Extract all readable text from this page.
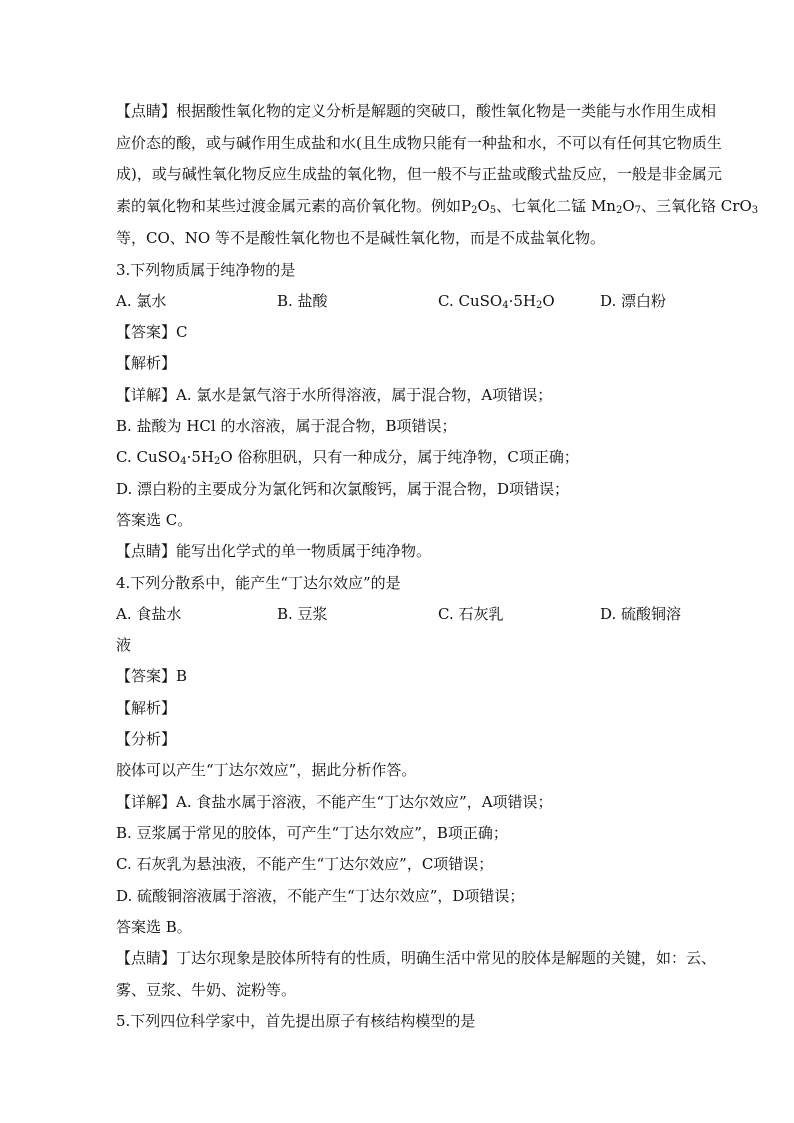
【点睛】根据酸性氧化物的定义分析是解题的突破口，酸性氧化物是一类能与水作用生成相
应价态的酸，或与碱作用生成盐和水(且生成物只能有一种盐和水，不可以有任何其它物质生
成)，或与碱性氧化物反应生成盐的氧化物，但一般不与正盐或酸式盐反应，一般是非金属元
素的氧化物和某些过渡金属元素的高价氧化物。例如P2O5、七氧化二锰 Mn2O7、三氧化铬 CrO3
等，CO、NO 等不是酸性氧化物也不是碱性氧化物，而是不成盐氧化物。
3.下列物质属于纯净物的是
A. 氯水	B. 盐酸	C. CuSO4·5H2O	D. 漂白粉
【答案】C
【解析】
【详解】A. 氯水是氯气溶于水所得溶液，属于混合物，A项错误；
B. 盐酸为 HCl 的水溶液，属于混合物，B项错误；
C. CuSO4·5H2O 俗称胆矾，只有一种成分，属于纯净物，C项正确；
D. 漂白粉的主要成分为氯化钙和次氯酸钙，属于混合物，D项错误；
答案选 C。
【点睛】能写出化学式的单一物质属于纯净物。
4.下列分散系中，能产生“丁达尔效应”的是
A. 食盐水	B. 豆浆	C. 石灰乳	D. 硫酸铜溶
液
【答案】B
【解析】
【分析】
胶体可以产生“丁达尔效应”，据此分析作答。
【详解】A. 食盐水属于溶液，不能产生“丁达尔效应”，A项错误；
B. 豆浆属于常见的胶体，可产生“丁达尔效应”，B项正确；
C. 石灰乳为悬浊液，不能产生“丁达尔效应”，C项错误；
D. 硫酸铜溶液属于溶液，不能产生“丁达尔效应”，D项错误；
答案选 B。
【点睛】丁达尔现象是胶体所特有的性质，明确生活中常见的胶体是解题的关键，如：云、
雾、豆浆、牛奶、淀粉等。
5.下列四位科学家中，首先提出原子有核结构模型的是
